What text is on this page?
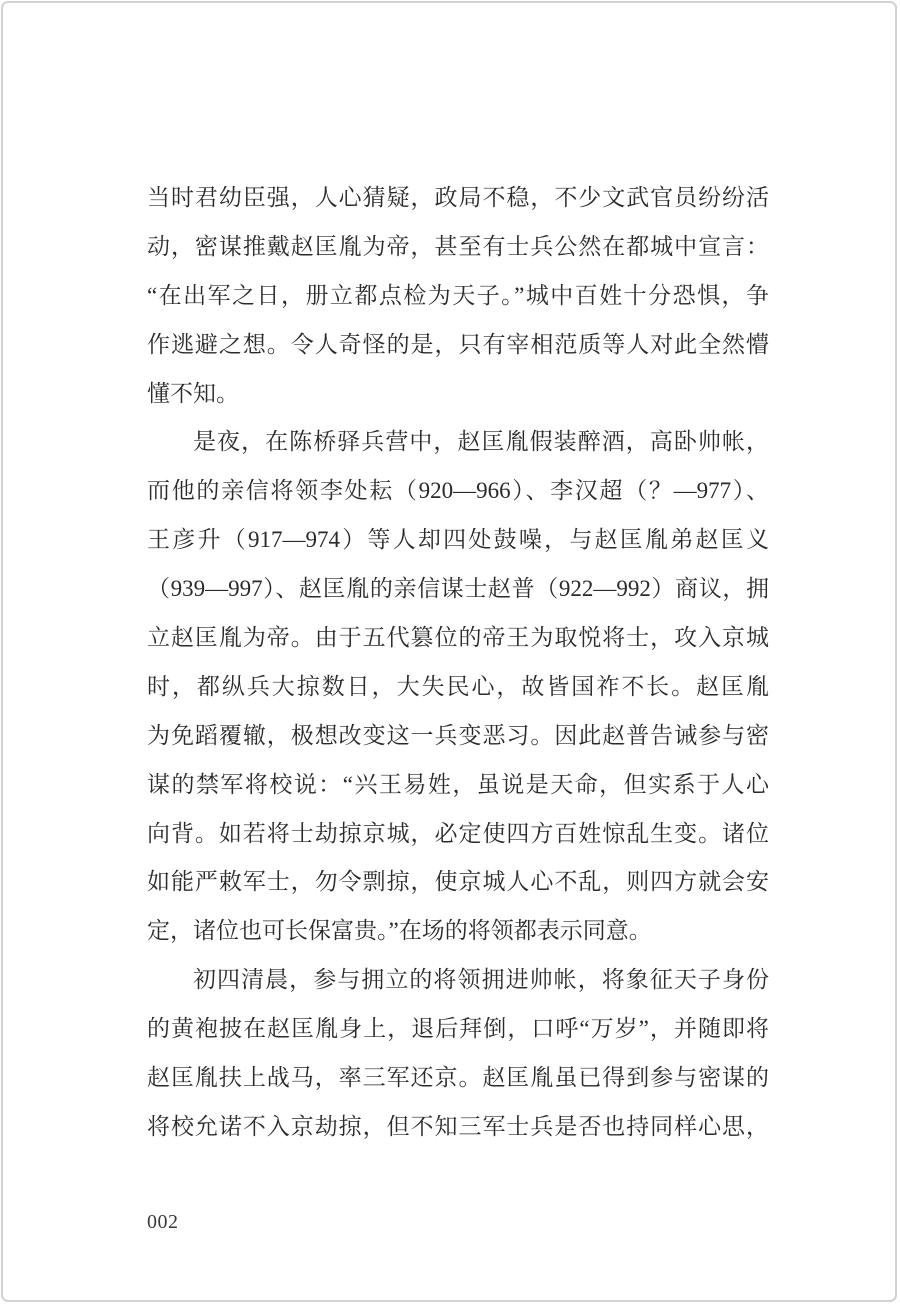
当时君幼臣强，人心猜疑，政局不稳，不少文武官员纷纷活
动，密谋推戴赵匡胤为帝，甚至有士兵公然在都城中宣言：
“在出军之日，册立都点检为天子。”城中百姓十分恐惧，争
作逃避之想。令人奇怪的是，只有宰相范质等人对此全然懵
懂不知。
是夜，在陈桥驿兵营中，赵匡胤假装醉酒，高卧帅帐，
而他的亲信将领李处耘（920—966）、李汉超（？—977）、
王彦升（917—974）等人却四处鼓噪，与赵匡胤弟赵匡义
（939—997）、赵匡胤的亲信谋士赵普（922—992）商议，拥
立赵匡胤为帝。由于五代篡位的帝王为取悦将士，攻入京城
时，都纵兵大掠数日，大失民心，故皆国祚不长。赵匡胤
为免蹈覆辙，极想改变这一兵变恶习。因此赵普告诫参与密
谋的禁军将校说：“兴王易姓，虽说是天命，但实系于人心
向背。如若将士劫掠京城，必定使四方百姓惊乱生变。诸位
如能严敕军士，勿令剽掠，使京城人心不乱，则四方就会安
定，诸位也可长保富贵。”在场的将领都表示同意。
初四清晨，参与拥立的将领拥进帅帐，将象征天子身份
的黄袍披在赵匡胤身上，退后拜倒，口呼“万岁”，并随即将
赵匡胤扶上战马，率三军还京。赵匡胤虽已得到参与密谋的
将校允诺不入京劫掠，但不知三军士兵是否也持同样心思，
002
